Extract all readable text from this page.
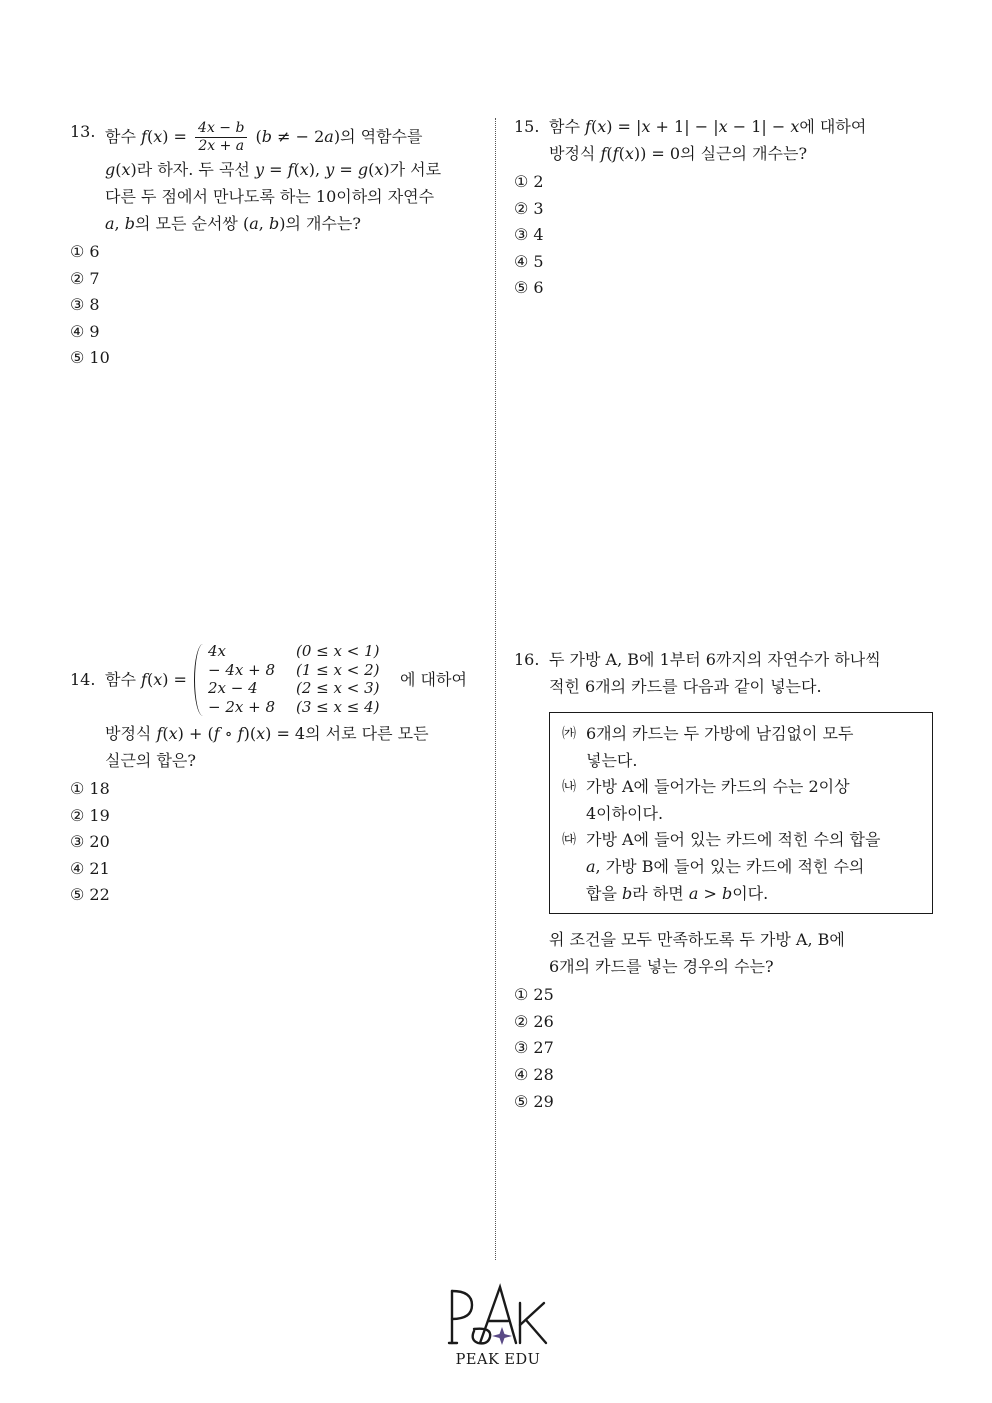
13. 함수 $f(x) = \frac{4x - b}{2x + a} (b$ ≠ − 2a)의 역함수를
g(x)라 하자. 두 곡선 y = f(x), y = g(x)가 서로
다른 두 점에서 만나도록 하는 10이하의 자연수
a, b의 모든 순서쌍 (a, b)의 개수는?
① 6
② 7
③ 8
④ 9
⑤ 10
14. 함수 f(x) =
4x	(0 ≤ x < 1)
− 4x + 8 (1 ≤ x < 2)
2x − 4	(2 ≤ x < 3)
− 2x + 8 (3 ≤ x ≤ 4)
에 대하여
방정식 f(x) + (f ∘ f)(x) = 4의 서로 다른 모든
실근의 합은?
① 18
② 19
③ 20
④ 21
⑤ 22
15. 함수 f(x) = |x + 1| − |x − 1| − x에 대하여
방정식 f(f(x)) = 0의 실근의 개수는?
① 2
② 3
③ 4
④ 5
⑤ 6
16. 두 가방 A, B에 1부터 6까지의 자연수가 하나씩
적힌 6개의 카드를 다음과 같이 넣는다.
㈎ 6개의 카드는 두 가방에 남김없이 모두
넣는다.
㈏ 가방 A에 들어가는 카드의 수는 2이상
4이하이다.
㈐ 가방 A에 들어 있는 카드에 적힌 수의 합을
a, 가방 B에 들어 있는 카드에 적힌 수의
합을 b라 하면 a > b이다.
위 조건을 모두 만족하도록 두 가방 A, B에
6개의 카드를 넣는 경우의 수는?
① 25
② 26
③ 27
④ 28
⑤ 29
PEAK EDU
